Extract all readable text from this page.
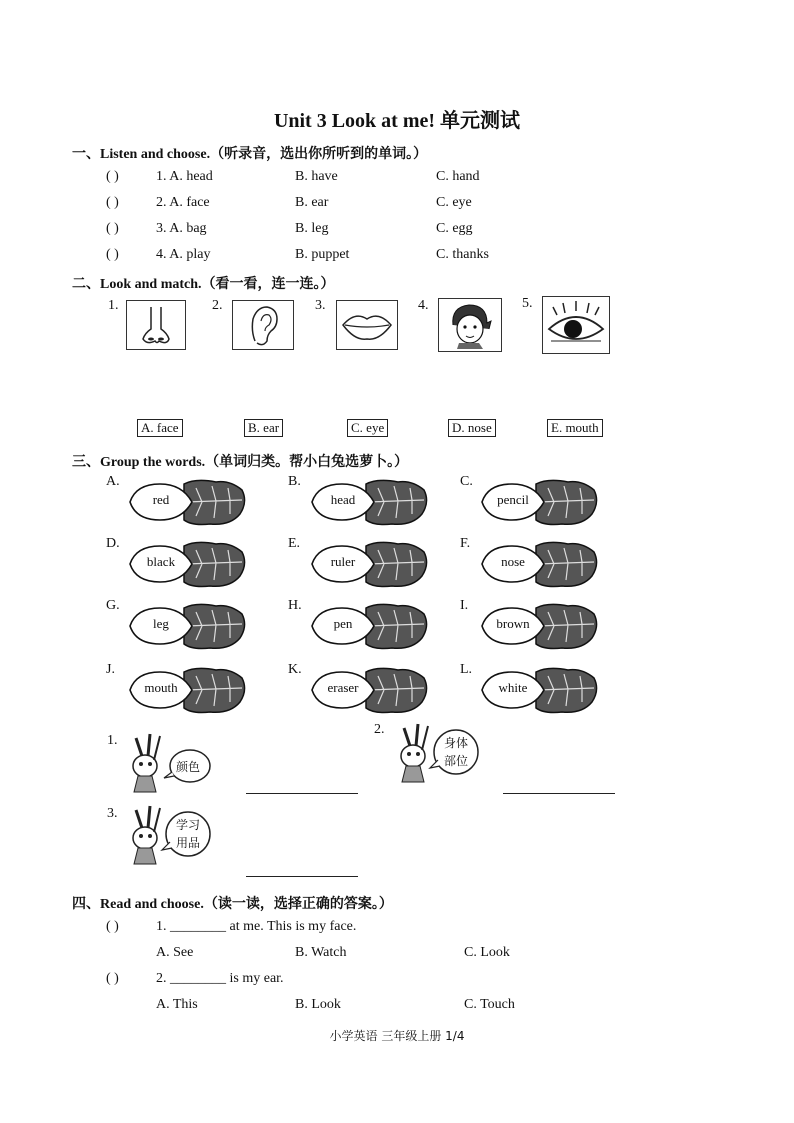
Unit 3 Look at me! 单元测试
一、Listen and choose.（听录音，选出你所听到的单词。）
( )	1. A. head	B. have	C. hand
( )	2. A. face	B. ear	C. eye
( )	3. A. bag	B. leg	C. egg
( )	4. A. play	B. puppet	C. thanks
二、Look and match.（看一看，连一连。）
1.	2.	3.	4.	5.
A. face	B. ear	C. eye	D. nose	E. mouth
三、Group the words.（单词归类。帮小白兔选萝卜。）
A.
red
B.
head
C.
pencil
D.
black
E.
ruler
F.
nose
G.
leg
H.
pen
I.
brown
J.
mouth
K.
eraser
L.
white
1.
颜色
2.
身体
部位
3.
学习
用品
四、Read and choose.（读一读，选择正确的答案。）
( )	1. ________ at me. This is my face.
A. See	B. Watch	C. Look
( )	2. ________ is my ear.
A. This	B. Look	C. Touch
小学英语 三年级上册 1/4
